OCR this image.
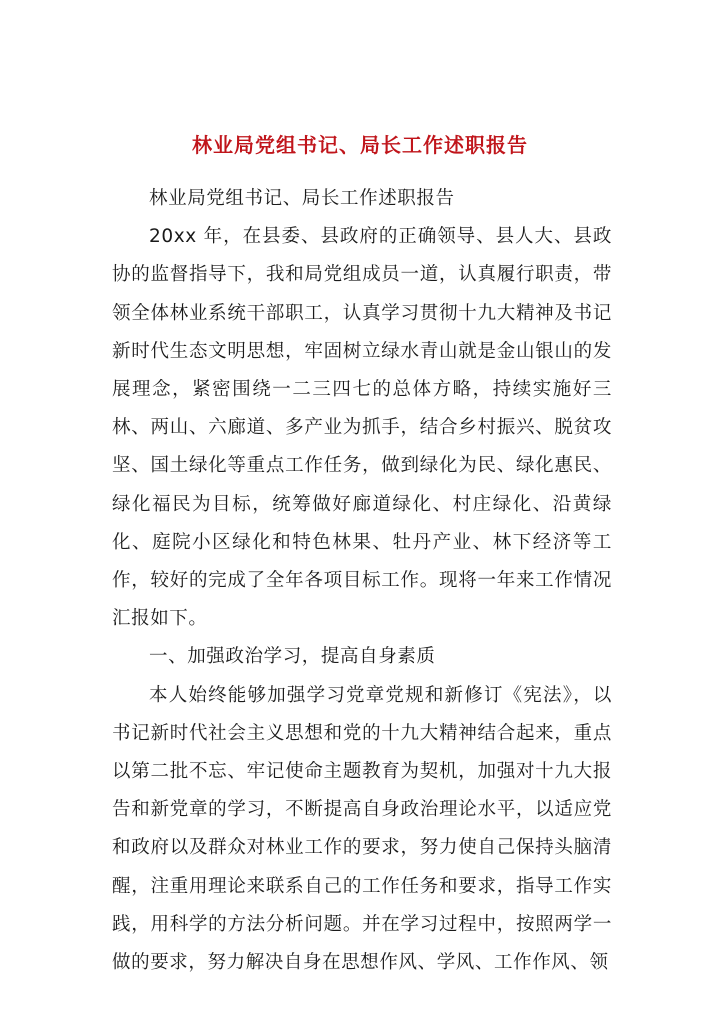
林业局党组书记、局长工作述职报告

林业局党组书记、局长工作述职报告

20xx 年，在县委、县政府的正确领导、县人大、县政协的监督指导下，我和局党组成员一道，认真履行职责，带领全体林业系统干部职工，认真学习贯彻十九大精神及书记新时代生态文明思想，牢固树立绿水青山就是金山银山的发展理念，紧密围绕一二三四七的总体方略，持续实施好三林、两山、六廊道、多产业为抓手，结合乡村振兴、脱贫攻坚、国土绿化等重点工作任务，做到绿化为民、绿化惠民、绿化福民为目标，统筹做好廊道绿化、村庄绿化、沿黄绿化、庭院小区绿化和特色林果、牡丹产业、林下经济等工作，较好的完成了全年各项目标工作。现将一年来工作情况汇报如下。

一、加强政治学习，提高自身素质

本人始终能够加强学习党章党规和新修订《宪法》，以书记新时代社会主义思想和党的十九大精神结合起来，重点以第二批不忘、牢记使命主题教育为契机，加强对十九大报告和新党章的学习，不断提高自身政治理论水平，以适应党和政府以及群众对林业工作的要求，努力使自己保持头脑清醒，注重用理论来联系自己的工作任务和要求，指导工作实践，用科学的方法分析问题。并在学习过程中，按照两学一做的要求，努力解决自身在思想作风、学风、工作作风、领
